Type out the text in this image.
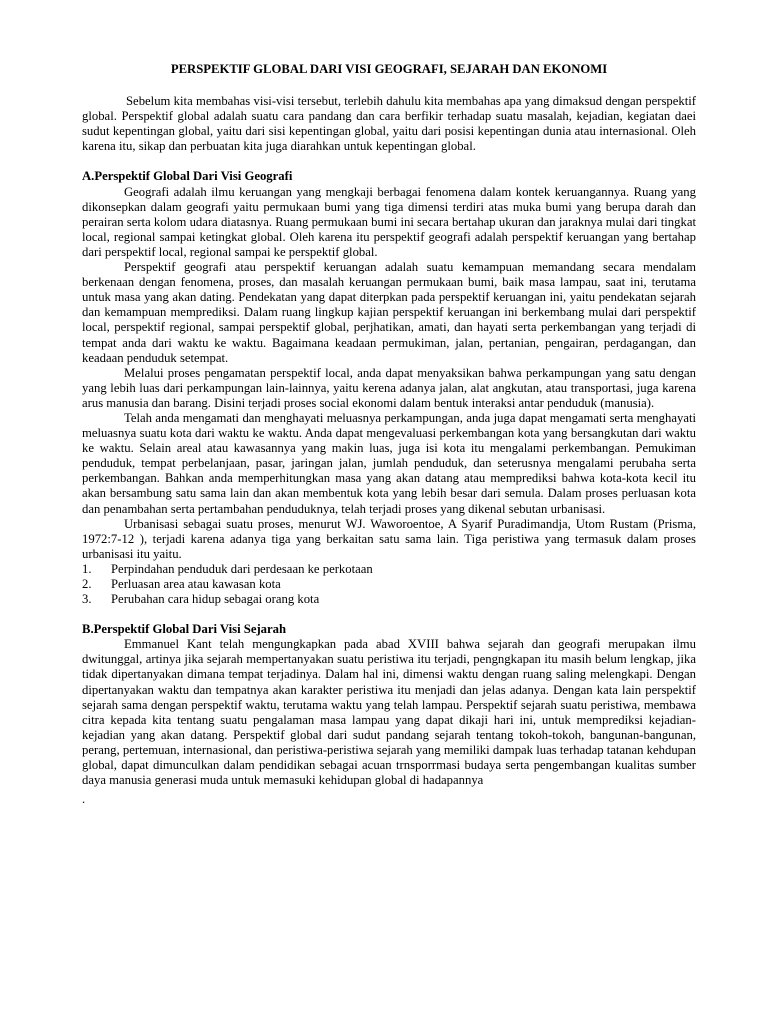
PERSPEKTIF GLOBAL DARI VISI GEOGRAFI, SEJARAH DAN EKONOMI

Sebelum kita membahas visi-visi tersebut, terlebih dahulu kita membahas apa yang dimaksud dengan perspektif global. Perspektif global adalah suatu cara pandang dan cara berfikir terhadap suatu masalah, kejadian, kegiatan daei sudut kepentingan global, yaitu dari sisi kepentingan global, yaitu dari posisi kepentingan dunia atau internasional. Oleh karena itu, sikap dan perbuatan kita juga diarahkan untuk kepentingan global.

A.Perspektif Global Dari Visi Geografi

Geografi adalah ilmu keruangan yang mengkaji berbagai fenomena dalam kontek keruangannya. Ruang yang dikonsepkan dalam geografi yaitu permukaan bumi yang tiga dimensi terdiri atas muka bumi yang berupa darah dan perairan serta kolom udara diatasnya. Ruang permukaan bumi ini secara bertahap ukuran dan jaraknya mulai dari tingkat local, regional sampai ketingkat global. Oleh karena itu perspektif geografi adalah perspektif keruangan yang bertahap dari perspektif local, regional sampai ke perspektif global.

Perspektif geografi atau perspektif keruangan adalah suatu kemampuan memandang secara mendalam berkenaan dengan fenomena, proses, dan masalah keruangan permukaan bumi, baik masa lampau, saat ini, terutama untuk masa yang akan dating. Pendekatan yang dapat diterpkan pada perspektif keruangan ini, yaitu pendekatan sejarah dan kemampuan memprediksi. Dalam ruang lingkup kajian perspektif keruangan ini berkembang mulai dari perspektif local, perspektif regional, sampai perspektif global, perjhatikan, amati, dan hayati serta perkembangan yang terjadi di tempat anda dari waktu ke waktu. Bagaimana keadaan permukiman, jalan, pertanian, pengairan, perdagangan, dan keadaan penduduk setempat.

Melalui proses pengamatan perspektif local, anda dapat menyaksikan bahwa perkampungan yang satu dengan yang lebih luas dari perkampungan lain-lainnya, yaitu kerena adanya jalan, alat angkutan, atau transportasi, juga karena arus manusia dan barang. Disini terjadi proses social ekonomi dalam bentuk interaksi antar penduduk (manusia).

Telah anda mengamati dan menghayati meluasnya perkampungan, anda juga dapat mengamati serta menghayati meluasnya suatu kota dari waktu ke waktu. Anda dapat mengevaluasi perkembangan kota yang bersangkutan dari waktu ke waktu. Selain areal atau kawasannya yang makin luas, juga isi kota itu mengalami perkembangan. Pemukiman penduduk, tempat perbelanjaan, pasar, jaringan jalan, jumlah penduduk, dan seterusnya mengalami perubaha serta perkembangan. Bahkan anda memperhitungkan masa yang akan datang atau memprediksi bahwa kota-kota kecil itu akan bersambung satu sama lain dan akan membentuk kota yang lebih besar dari semula. Dalam proses perluasan kota dan penambahan serta pertambahan penduduknya, telah terjadi proses yang dikenal sebutan urbanisasi.

Urbanisasi sebagai suatu proses, menurut WJ. Waworoentoe, A Syarif Puradimandja, Utom Rustam (Prisma, 1972:7-12 ), terjadi karena adanya tiga yang berkaitan satu sama lain. Tiga peristiwa yang termasuk dalam proses urbanisasi itu yaitu.

1.	Perpindahan penduduk dari perdesaan ke perkotaan
2.	Perluasan area atau kawasan kota
3.	Perubahan cara hidup sebagai orang kota
B.Perspektif Global Dari Visi Sejarah

Emmanuel Kant telah mengungkapkan pada abad XVIII bahwa sejarah dan geografi merupakan ilmu dwitunggal, artinya jika sejarah mempertanyakan suatu peristiwa itu terjadi, pengngkapan itu masih belum lengkap, jika tidak dipertanyakan dimana tempat terjadinya. Dalam hal ini, dimensi waktu dengan ruang saling melengkapi. Dengan dipertanyakan waktu dan tempatnya akan karakter peristiwa itu menjadi dan jelas adanya. Dengan kata lain perspektif sejarah sama dengan perspektif waktu, terutama waktu yang telah lampau. Perspektif sejarah suatu peristiwa, membawa citra kepada kita tentang suatu pengalaman masa lampau yang dapat dikaji hari ini, untuk memprediksi kejadian-kejadian yang akan datang. Perspektif global dari sudut pandang sejarah tentang tokoh-tokoh, bangunan-bangunan, perang, pertemuan, internasional, dan peristiwa-peristiwa sejarah yang memiliki dampak luas terhadap tatanan kehdupan global, dapat dimunculkan dalam pendidikan sebagai acuan trnsporrmasi budaya serta pengembangan kualitas sumber daya manusia generasi muda untuk memasuki kehidupan global di hadapannya

.
